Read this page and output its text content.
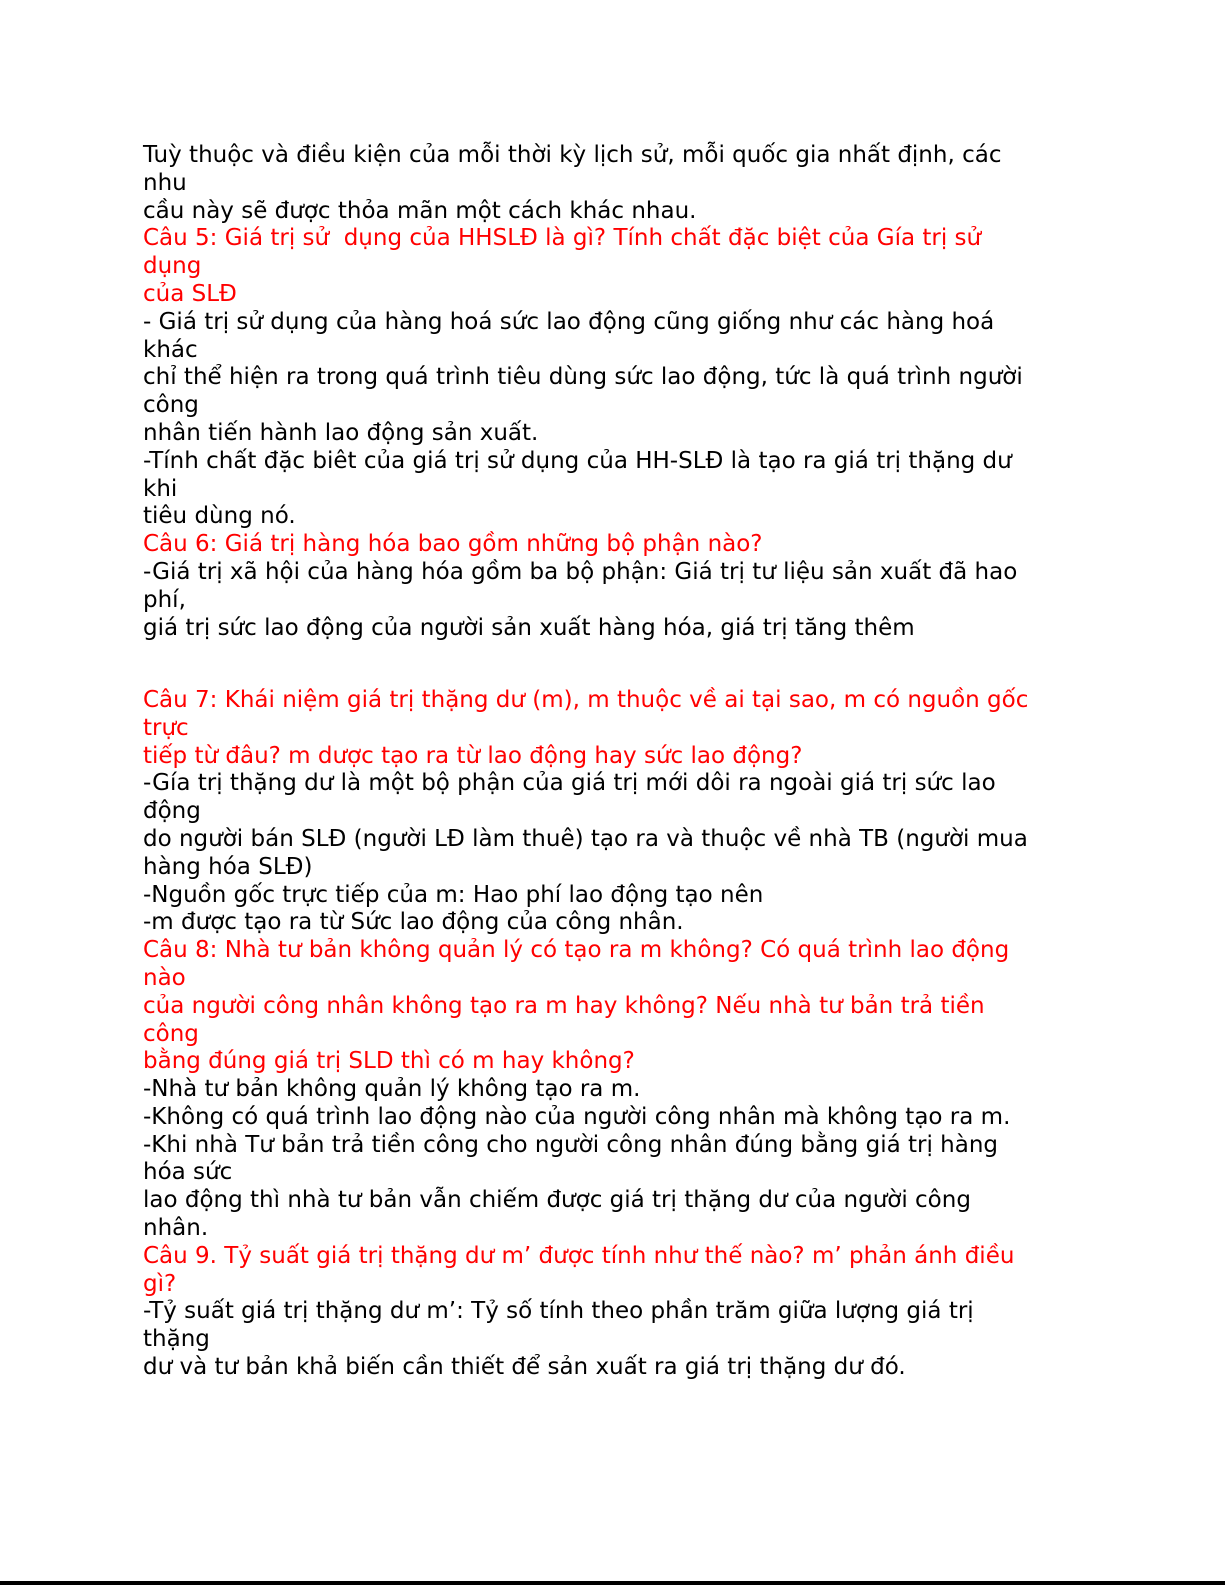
Tuỳ thuộc và điều kiện của mỗi thời kỳ lịch sử, mỗi quốc gia nhất định, các
nhu
cầu này sẽ được thỏa mãn một cách khác nhau.
Câu 5: Giá trị sử  dụng của HHSLĐ là gì? Tính chất đặc biệt của Gía trị sử
dụng
của SLĐ
- Giá trị sử dụng của hàng hoá sức lao động cũng giống như các hàng hoá
khác
chỉ thể hiện ra trong quá trình tiêu dùng sức lao động, tức là quá trình người
công
nhân tiến hành lao động sản xuất.
-Tính chất đặc biêt của giá trị sử dụng của HH-SLĐ là tạo ra giá trị thặng dư
khi
tiêu dùng nó.
Câu 6: Giá trị hàng hóa bao gồm những bộ phận nào?
-Giá trị xã hội của hàng hóa gồm ba bộ phận: Giá trị tư liệu sản xuất đã hao
phí,
giá trị sức lao động của người sản xuất hàng hóa, giá trị tăng thêm
Câu 7: Khái niệm giá trị thặng dư (m), m thuộc về ai tại sao, m có nguồn gốc
trực
tiếp từ đâu? m dược tạo ra từ lao động hay sức lao động?
-Gía trị thặng dư là một bộ phận của giá trị mới dôi ra ngoài giá trị sức lao
động
do người bán SLĐ (người LĐ làm thuê) tạo ra và thuộc về nhà TB (người mua
hàng hóa SLĐ)
-Nguồn gốc trực tiếp của m: Hao phí lao động tạo nên
-m được tạo ra từ Sức lao động của công nhân.
Câu 8: Nhà tư bản không quản lý có tạo ra m không? Có quá trình lao động
nào
của người công nhân không tạo ra m hay không? Nếu nhà tư bản trả tiền
công
bằng đúng giá trị SLD thì có m hay không?
-Nhà tư bản không quản lý không tạo ra m.
-Không có quá trình lao động nào của người công nhân mà không tạo ra m.
-Khi nhà Tư bản trả tiền công cho người công nhân đúng bằng giá trị hàng
hóa sức
lao động thì nhà tư bản vẫn chiếm được giá trị thặng dư của người công
nhân.
Câu 9. Tỷ suất giá trị thặng dư m’ được tính như thế nào? m’ phản ánh điều
gì?
-Tỷ suất giá trị thặng dư m’: Tỷ số tính theo phần trăm giữa lượng giá trị
thặng
dư và tư bản khả biến cần thiết để sản xuất ra giá trị thặng dư đó.
